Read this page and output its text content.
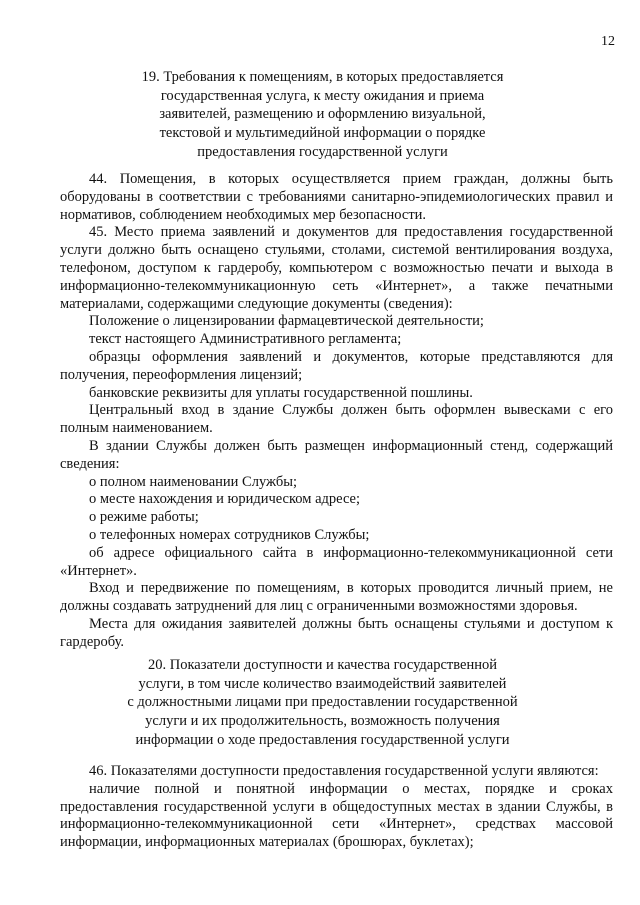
12
19. Требования к помещениям, в которых предоставляется
государственная услуга, к месту ожидания и приема
заявителей, размещению и оформлению визуальной,
текстовой и мультимедийной информации о порядке
предоставления государственной услуги

44. Помещения, в которых осуществляется прием граждан, должны быть оборудованы в соответствии с требованиями санитарно-эпидемиологических правил и нормативов, соблюдением необходимых мер безопасности.

45. Место приема заявлений и документов для предоставления государственной услуги должно быть оснащено стульями, столами, системой вентилирования воздуха, телефоном, доступом к гардеробу, компьютером с возможностью печати и выхода в информационно-телекоммуникационную сеть «Интернет», а также печатными материалами, содержащими следующие документы (сведения):

Положение о лицензировании фармацевтической деятельности;

текст настоящего Административного регламента;

образцы оформления заявлений и документов, которые представляются для получения, переоформления лицензий;

банковские реквизиты для уплаты государственной пошлины.

Центральный вход в здание Службы должен быть оформлен вывесками с его полным наименованием.

В здании Службы должен быть размещен информационный стенд, содержащий сведения:

о полном наименовании Службы;

о месте нахождения и юридическом адресе;

о режиме работы;

о телефонных номерах сотрудников Службы;

об адресе официального сайта в информационно-телекоммуникационной сети «Интернет».

Вход и передвижение по помещениям, в которых проводится личный прием, не должны создавать затруднений для лиц с ограниченными возможностями здоровья.

Места для ожидания заявителей должны быть оснащены стульями и доступом к гардеробу.

20. Показатели доступности и качества государственной
услуги, в том числе количество взаимодействий заявителей
с должностными лицами при предоставлении государственной
услуги и их продолжительность, возможность получения
информации о ходе предоставления государственной услуги

46. Показателями доступности предоставления государственной услуги являются:

наличие полной и понятной информации о местах, порядке и сроках предоставления государственной услуги в общедоступных местах в здании Службы, в информационно-телекоммуникационной сети «Интернет», средствах массовой информации, информационных материалах (брошюрах, буклетах);
